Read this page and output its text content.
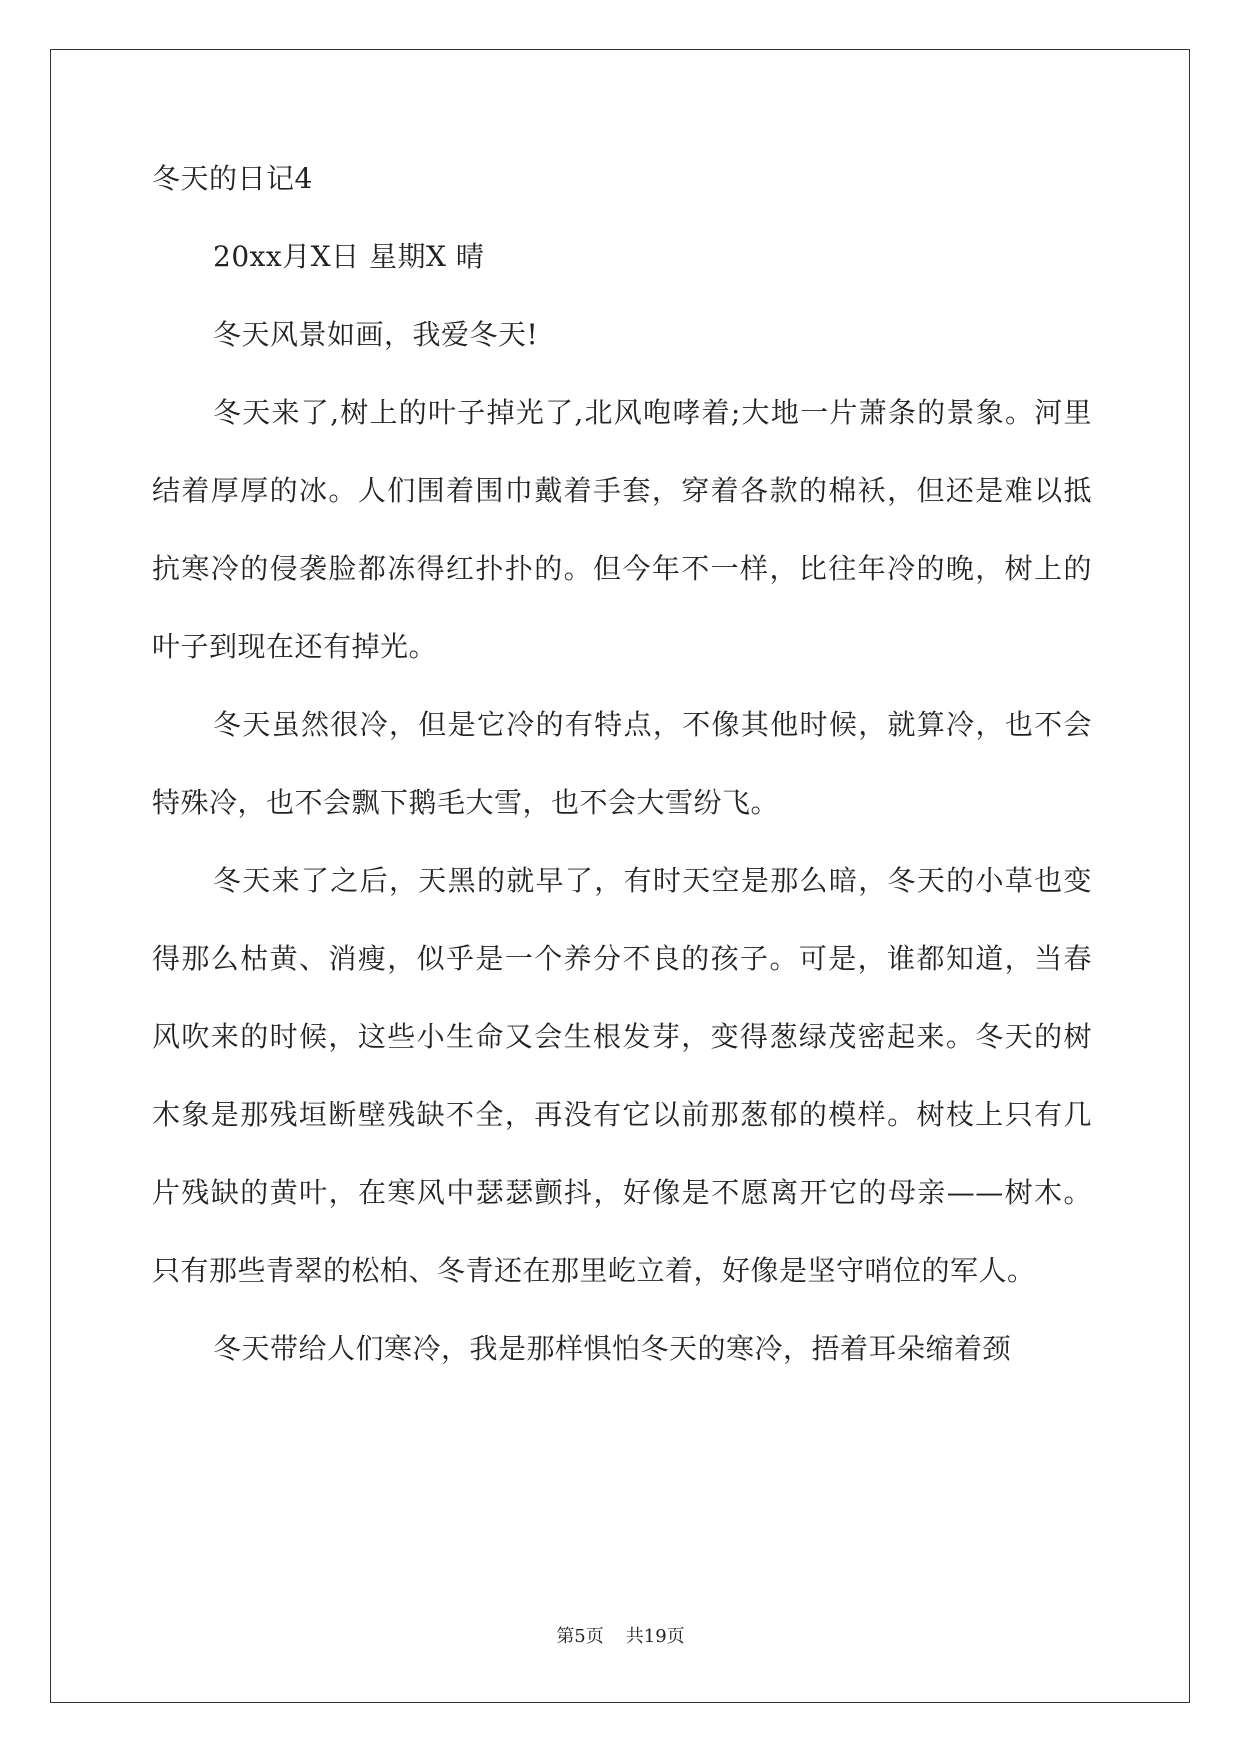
冬天的日记4

20xx月X日 星期X 晴

冬天风景如画，我爱冬天!

冬天来了,树上的叶子掉光了,北风咆哮着;大地一片萧条的景象。河里结着厚厚的冰。人们围着围巾戴着手套，穿着各款的棉袄，但还是难以抵抗寒冷的侵袭脸都冻得红扑扑的。但今年不一样，比往年冷的晚，树上的叶子到现在还有掉光。

冬天虽然很冷，但是它冷的有特点，不像其他时候，就算冷，也不会特殊冷，也不会飘下鹅毛大雪，也不会大雪纷飞。

冬天来了之后，天黑的就早了，有时天空是那么暗，冬天的小草也变得那么枯黄、消瘦，似乎是一个养分不良的孩子。可是，谁都知道，当春风吹来的时候，这些小生命又会生根发芽，变得葱绿茂密起来。冬天的树木象是那残垣断壁残缺不全，再没有它以前那葱郁的模样。树枝上只有几片残缺的黄叶，在寒风中瑟瑟颤抖，好像是不愿离开它的母亲——树木。只有那些青翠的松柏、冬青还在那里屹立着，好像是坚守哨位的军人。

冬天带给人们寒冷，我是那样惧怕冬天的寒冷，捂着耳朵缩着颈

第5页 共19页
